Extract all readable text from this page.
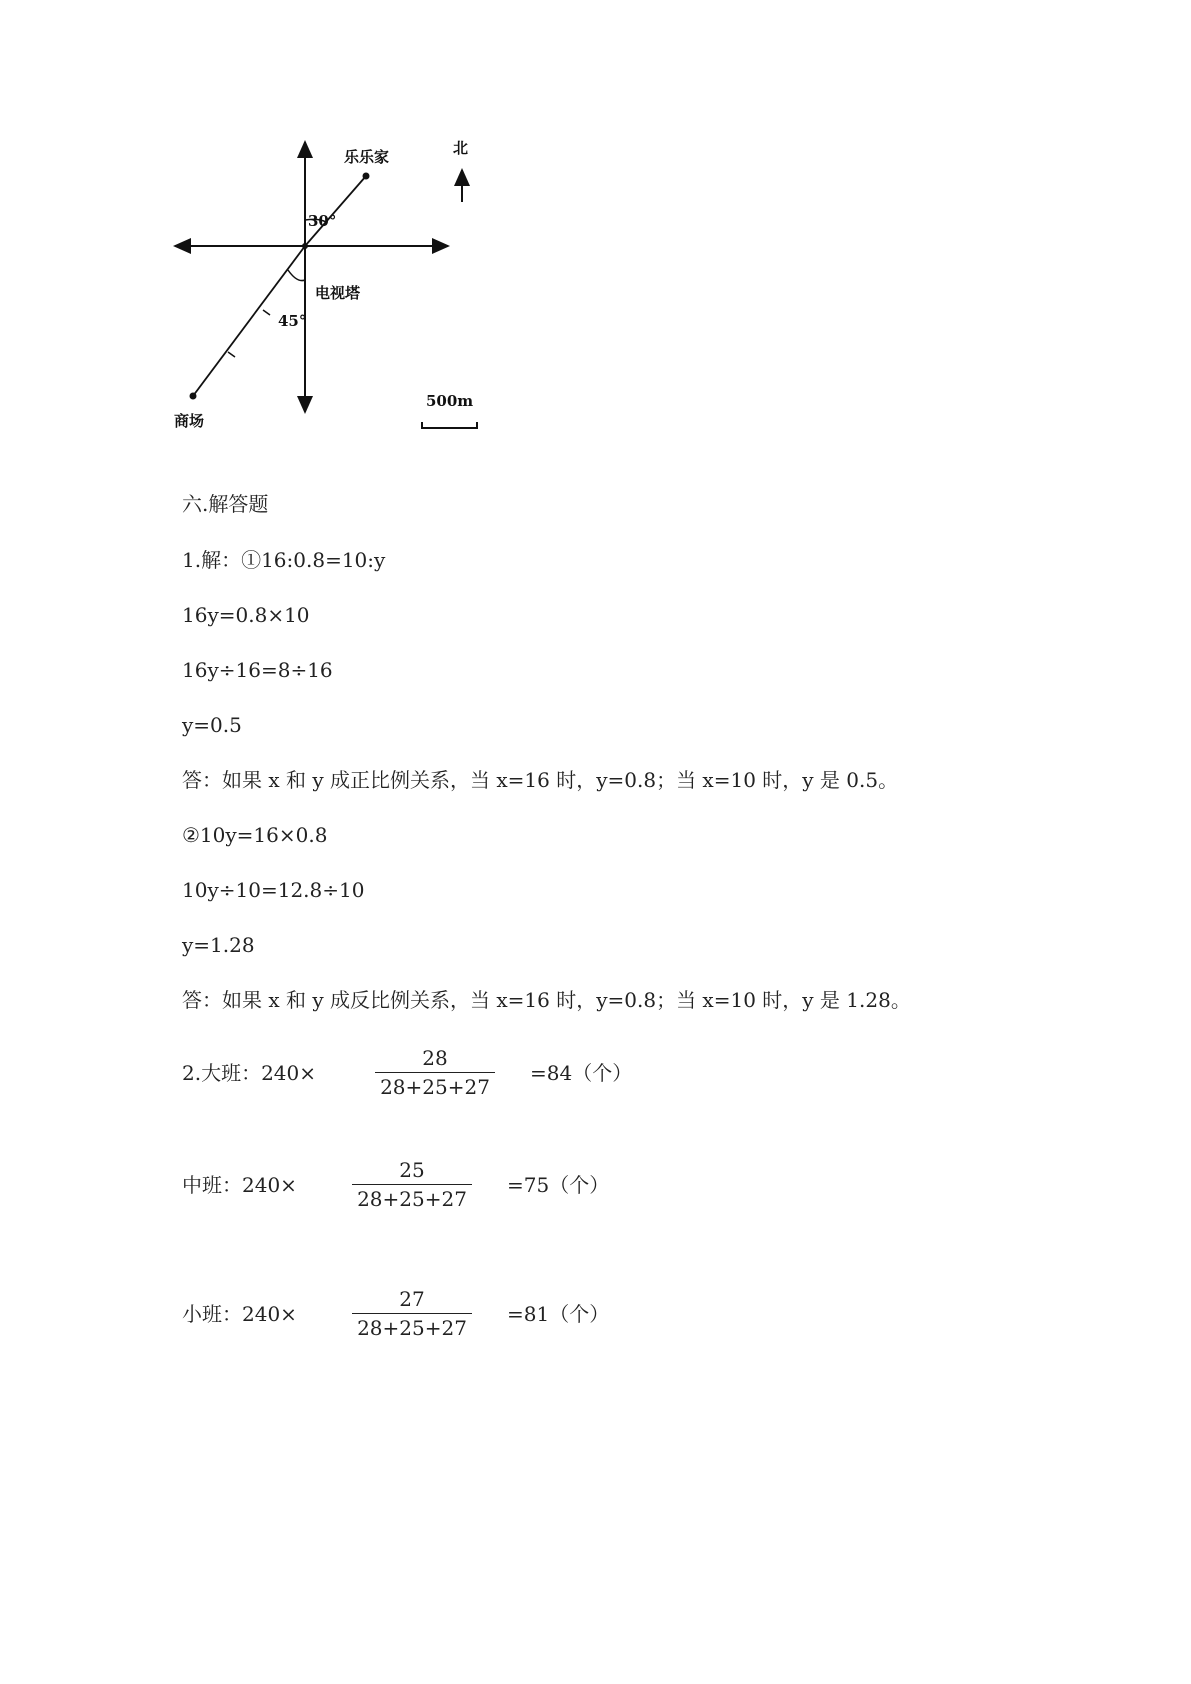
乐乐家
电视塔
商场
北
30°
45°
500m
六.解答题
1.解：①16:0.8=10:y
16y=0.8×10
16y÷16=8÷16
y=0.5
答：如果 x 和 y 成正比例关系，当 x=16 时，y=0.8；当 x=10 时，y 是 0.5。
②10y=16×0.8
10y÷10=12.8÷10
y=1.28
答：如果 x 和 y 成反比例关系，当 x=16 时，y=0.8；当 x=10 时，y 是 1.28。
2.大班：240×
28
28+25+27
=84（个）
中班：240×
25
28+25+27
=75（个）
小班：240×
27
28+25+27
=81（个）
